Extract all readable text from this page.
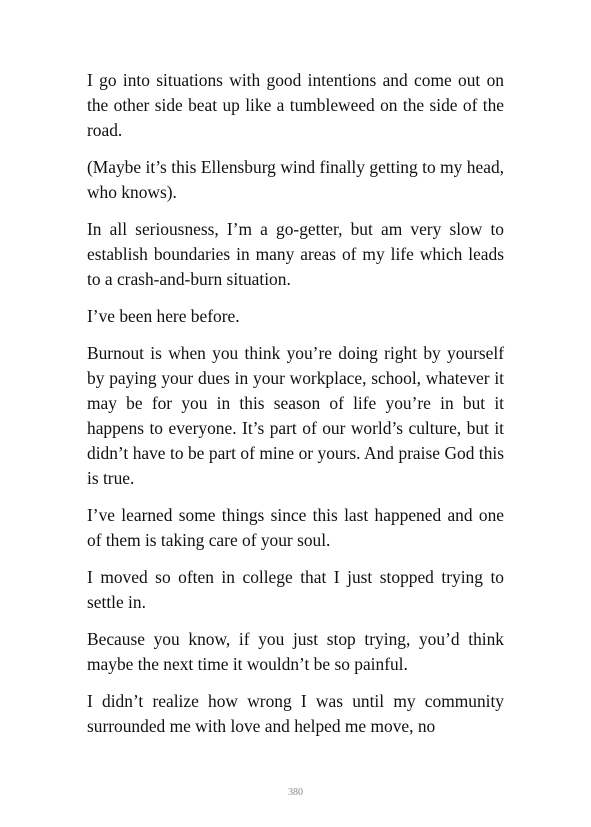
I go into situations with good intentions and come out on the other side beat up like a tumbleweed on the side of the road.

(Maybe it’s this Ellensburg wind finally getting to my head, who knows).

In all seriousness, I’m a go-getter, but am very slow to establish boundaries in many areas of my life which leads to a crash-and-burn situation.

I’ve been here before.

Burnout is when you think you’re doing right by yourself by paying your dues in your workplace, school, whatever it may be for you in this season of life you’re in but it happens to everyone. It’s part of our world’s culture, but it didn’t have to be part of mine or yours. And praise God this is true.

I’ve learned some things since this last happened and one of them is taking care of your soul.

I moved so often in college that I just stopped trying to settle in.

Because you know, if you just stop trying, you’d think maybe the next time it wouldn’t be so painful.

I didn’t realize how wrong I was until my community surrounded me with love and helped me move, no

380
